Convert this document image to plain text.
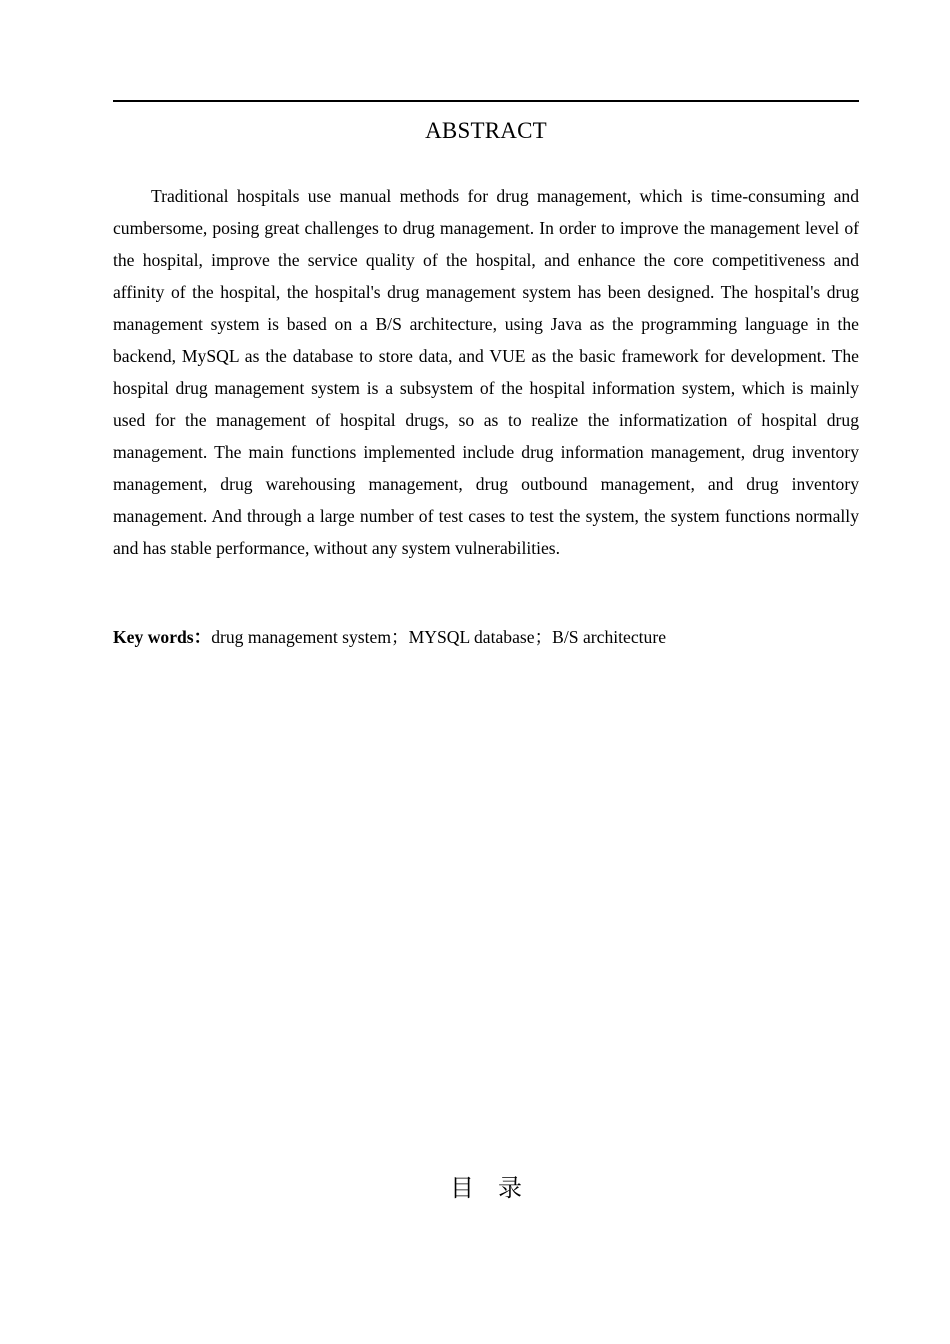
ABSTRACT

Traditional hospitals use manual methods for drug management, which is time-consuming and cumbersome, posing great challenges to drug management. In order to improve the management level of the hospital, improve the service quality of the hospital, and enhance the core competitiveness and affinity of the hospital, the hospital's drug management system has been designed. The hospital's drug management system is based on a B/S architecture, using Java as the programming language in the backend, MySQL as the database to store data, and VUE as the basic framework for development. The hospital drug management system is a subsystem of the hospital information system, which is mainly used for the management of hospital drugs, so as to realize the informatization of hospital drug management. The main functions implemented include drug information management, drug inventory management, drug warehousing management, drug outbound management, and drug inventory management. And through a large number of test cases to test the system, the system functions normally and has stable performance, without any system vulnerabilities.

Key words：drug management system；MYSQL database；B/S architecture
目　录
